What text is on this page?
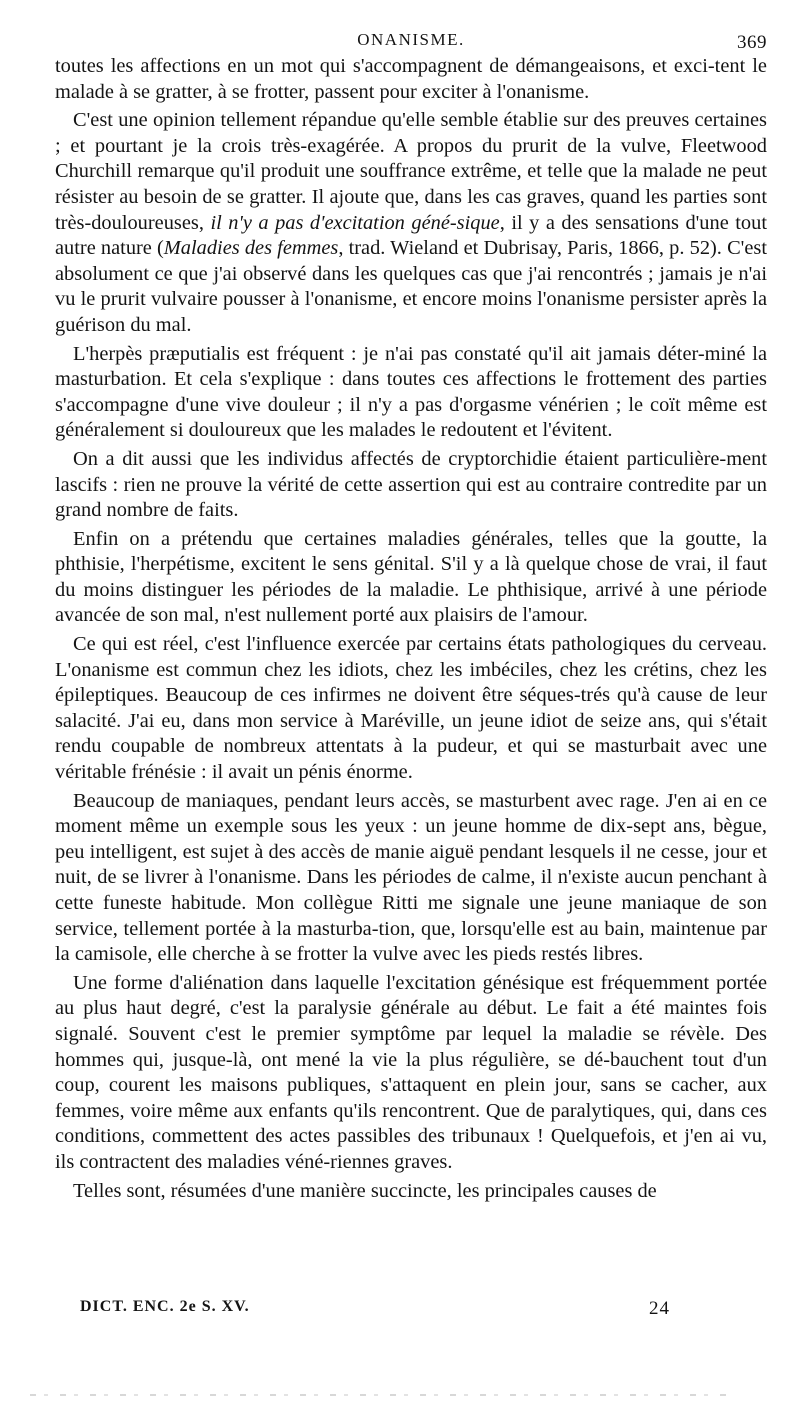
ONANISME.	369

toutes les affections en un mot qui s'accompagnent de démangeaisons, et exci-tent le malade à se gratter, à se frotter, passent pour exciter à l'onanisme.

C'est une opinion tellement répandue qu'elle semble établie sur des preuves certaines ; et pourtant je la crois très-exagérée. A propos du prurit de la vulve, Fleetwood Churchill remarque qu'il produit une souffrance extrême, et telle que la malade ne peut résister au besoin de se gratter. Il ajoute que, dans les cas graves, quand les parties sont très-douloureuses, il n'y a pas d'excitation géné-sique, il y a des sensations d'une tout autre nature (Maladies des femmes, trad. Wieland et Dubrisay, Paris, 1866, p. 52). C'est absolument ce que j'ai observé dans les quelques cas que j'ai rencontrés ; jamais je n'ai vu le prurit vulvaire pousser à l'onanisme, et encore moins l'onanisme persister après la guérison du mal.

L'herpès præputialis est fréquent : je n'ai pas constaté qu'il ait jamais déter-miné la masturbation. Et cela s'explique : dans toutes ces affections le frottement des parties s'accompagne d'une vive douleur ; il n'y a pas d'orgasme vénérien ; le coït même est généralement si douloureux que les malades le redoutent et l'évitent.

On a dit aussi que les individus affectés de cryptorchidie étaient particulière-ment lascifs : rien ne prouve la vérité de cette assertion qui est au contraire contredite par un grand nombre de faits.

Enfin on a prétendu que certaines maladies générales, telles que la goutte, la phthisie, l'herpétisme, excitent le sens génital. S'il y a là quelque chose de vrai, il faut du moins distinguer les périodes de la maladie. Le phthisique, arrivé à une période avancée de son mal, n'est nullement porté aux plaisirs de l'amour.

Ce qui est réel, c'est l'influence exercée par certains états pathologiques du cerveau. L'onanisme est commun chez les idiots, chez les imbéciles, chez les crétins, chez les épileptiques. Beaucoup de ces infirmes ne doivent être séques-trés qu'à cause de leur salacité. J'ai eu, dans mon service à Maréville, un jeune idiot de seize ans, qui s'était rendu coupable de nombreux attentats à la pudeur, et qui se masturbait avec une véritable frénésie : il avait un pénis énorme.

Beaucoup de maniaques, pendant leurs accès, se masturbent avec rage. J'en ai en ce moment même un exemple sous les yeux : un jeune homme de dix-sept ans, bègue, peu intelligent, est sujet à des accès de manie aiguë pendant lesquels il ne cesse, jour et nuit, de se livrer à l'onanisme. Dans les périodes de calme, il n'existe aucun penchant à cette funeste habitude. Mon collègue Ritti me signale une jeune maniaque de son service, tellement portée à la masturba-tion, que, lorsqu'elle est au bain, maintenue par la camisole, elle cherche à se frotter la vulve avec les pieds restés libres.

Une forme d'aliénation dans laquelle l'excitation génésique est fréquemment portée au plus haut degré, c'est la paralysie générale au début. Le fait a été maintes fois signalé. Souvent c'est le premier symptôme par lequel la maladie se révèle. Des hommes qui, jusque-là, ont mené la vie la plus régulière, se dé-bauchent tout d'un coup, courent les maisons publiques, s'attaquent en plein jour, sans se cacher, aux femmes, voire même aux enfants qu'ils rencontrent. Que de paralytiques, qui, dans ces conditions, commettent des actes passibles des tribunaux ! Quelquefois, et j'en ai vu, ils contractent des maladies véné-riennes graves.

Telles sont, résumées d'une manière succincte, les principales causes de

DICT. ENC. 2e S. XV.	24
